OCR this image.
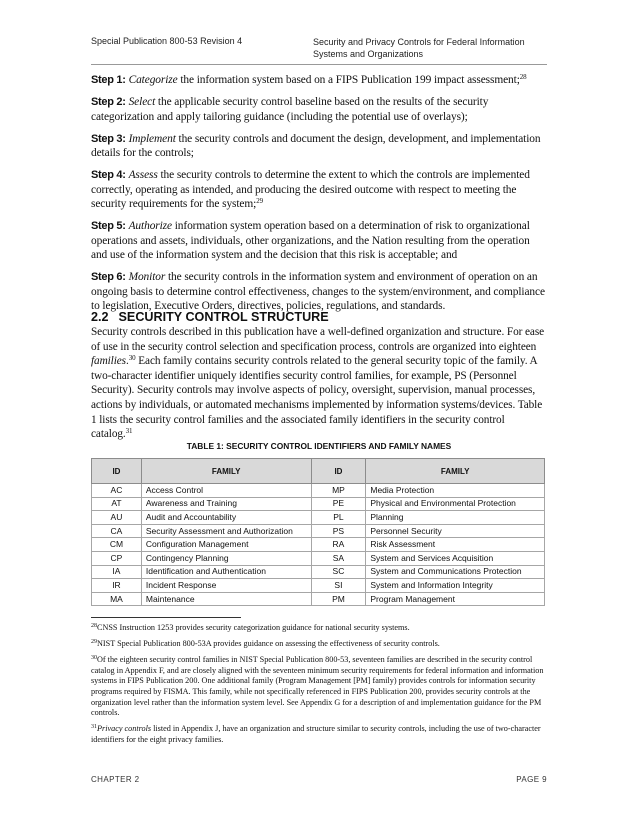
Special Publication 800-53 Revision 4	Security and Privacy Controls for Federal Information Systems and Organizations

Step 1: Categorize the information system based on a FIPS Publication 199 impact assessment;$^{28}$

Step 2: Select the applicable security control baseline based on the results of the security categorization and apply tailoring guidance (including the potential use of overlays);

Step 3: Implement the security controls and document the design, development, and implementation details for the controls;

Step 4: Assess the security controls to determine the extent to which the controls are implemented correctly, operating as intended, and producing the desired outcome with respect to meeting the security requirements for the system;$^{29}$

Step 5: Authorize information system operation based on a determination of risk to organizational operations and assets, individuals, other organizations, and the Nation resulting from the operation and use of the information system and the decision that this risk is acceptable; and

Step 6: Monitor the security controls in the information system and environment of operation on an ongoing basis to determine control effectiveness, changes to the system/environment, and compliance to legislation, Executive Orders, directives, policies, regulations, and standards.

2.2 SECURITY CONTROL STRUCTURE

Security controls described in this publication have a well-defined organization and structure. For ease of use in the security control selection and specification process, controls are organized into eighteen families.$^{30}$ Each family contains security controls related to the general security topic of the family. A two-character identifier uniquely identifies security control families, for example, PS (Personnel Security). Security controls may involve aspects of policy, oversight, supervision, manual processes, actions by individuals, or automated mechanisms implemented by information systems/devices. Table 1 lists the security control families and the associated family identifiers in the security control catalog.$^{31}$

TABLE 1: SECURITY CONTROL IDENTIFIERS AND FAMILY NAMES
ID	FAMILY	ID	FAMILY
AC	Access Control	MP	Media Protection
AT	Awareness and Training	PE	Physical and Environmental Protection
AU	Audit and Accountability	PL	Planning
CA	Security Assessment and Authorization	PS	Personnel Security
CM	Configuration Management	RA	Risk Assessment
CP	Contingency Planning	SA	System and Services Acquisition
IA	Identification and Authentication	SC	System and Communications Protection
IR	Incident Response	SI	System and Information Integrity
MA	Maintenance	PM	Program Management

$^{28}$CNSS Instruction 1253 provides security categorization guidance for national security systems.

$^{29}$NIST Special Publication 800-53A provides guidance on assessing the effectiveness of security controls.

$^{30}$Of the eighteen security control families in NIST Special Publication 800-53, seventeen families are described in the security control catalog in Appendix F, and are closely aligned with the seventeen minimum security requirements for federal information and information systems in FIPS Publication 200. One additional family (Program Management [PM] family) provides controls for information security programs required by FISMA. This family, while not specifically referenced in FIPS Publication 200, provides security controls at the organization level rather than the information system level. See Appendix G for a description of and implementation guidance for the PM controls.

$^{31}$Privacy controls listed in Appendix J, have an organization and structure similar to security controls, including the use of two-character identifiers for the eight privacy families.

CHAPTER 2	PAGE 9
